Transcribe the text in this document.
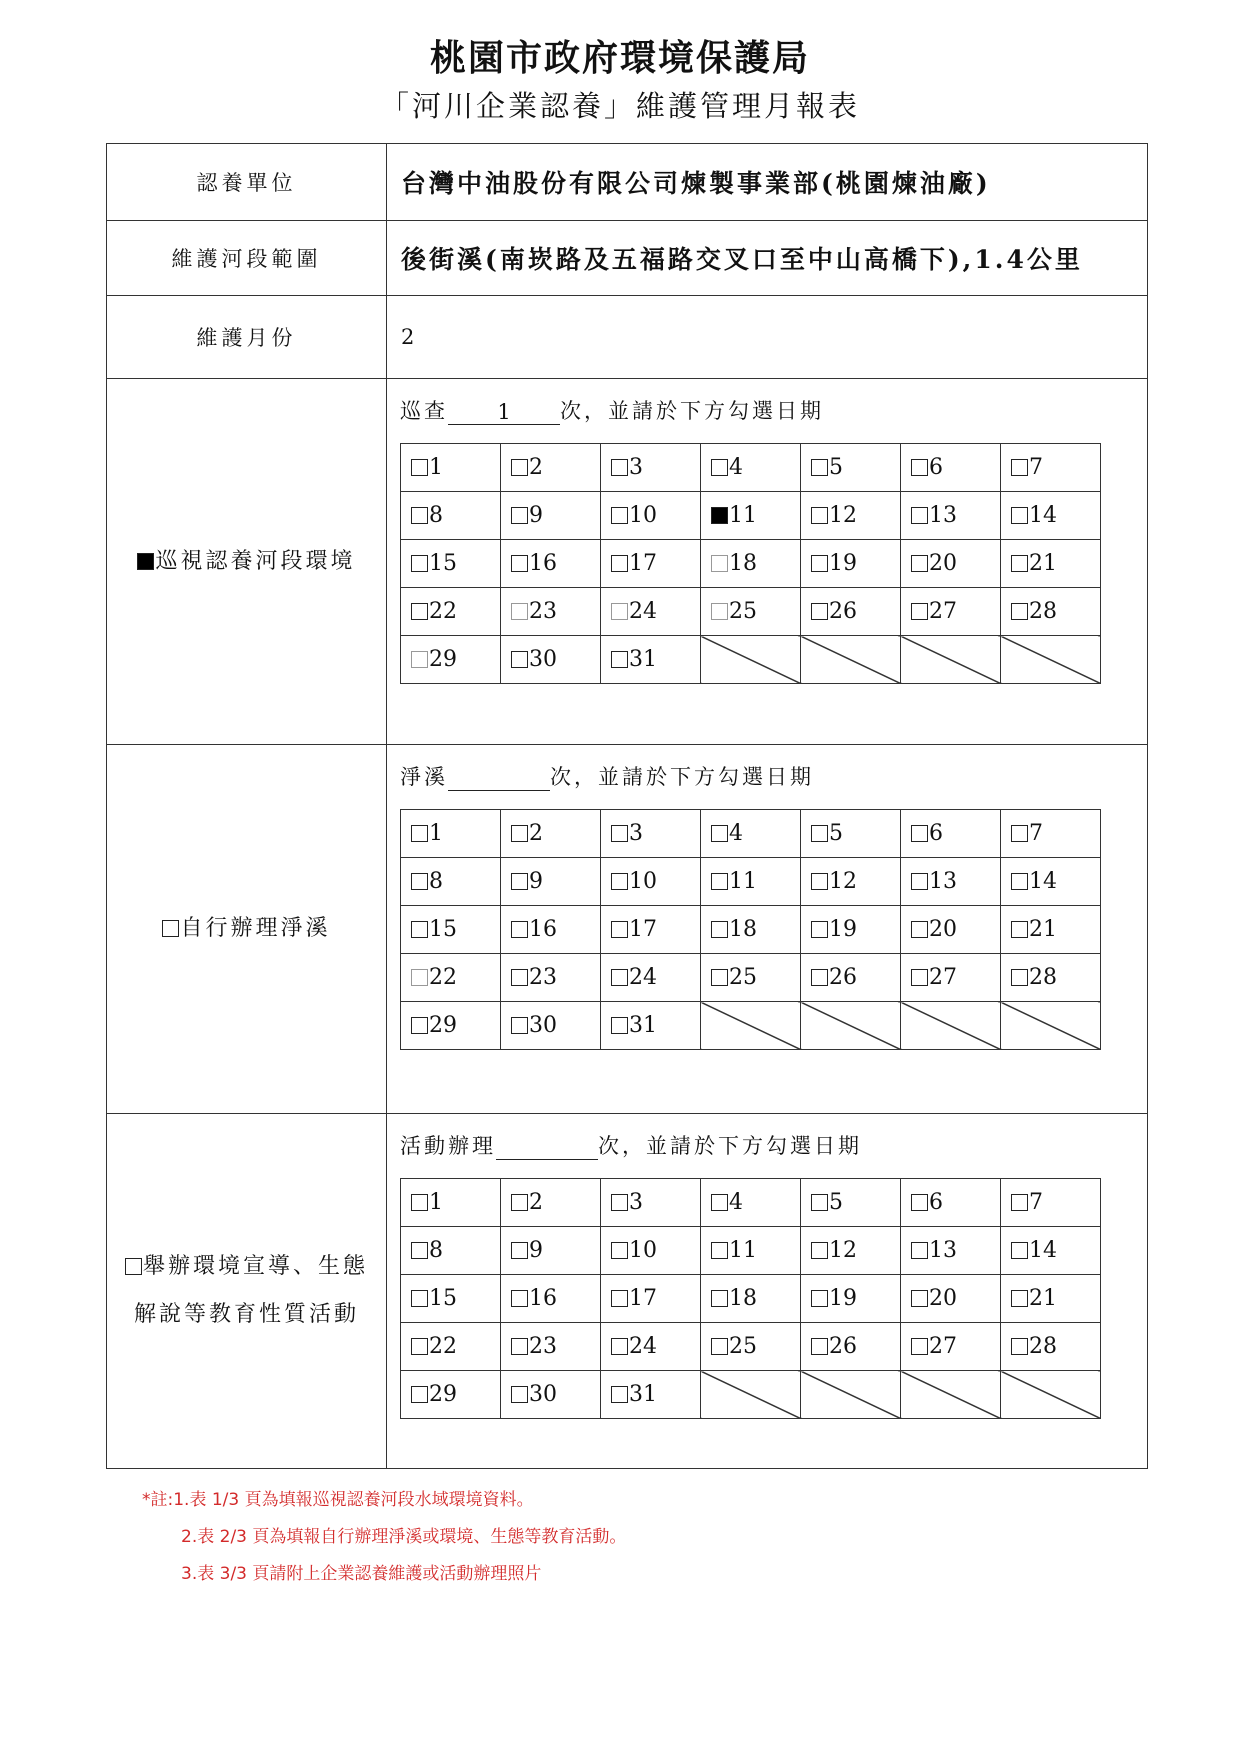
桃園市政府環境保護局
「河川企業認養」維護管理月報表
認養單位	台灣中油股份有限公司煉製事業部(桃園煉油廠)
維護河段範圍	後街溪(南崁路及五福路交叉口至中山高橋下),1.4公里
維護月份	2
巡視認養河段環境	
巡查 1 次，並請於下方勾選日期
1	2	3	4	5	6	7
8	9	10	11	12	13	14
15	16	17	18	19	20	21
22	23	24	25	26	27	28
29	30	31				

自行辦理淨溪	
淨溪	次，並請於下方勾選日期
1	2	3	4	5	6	7
8	9	10	11	12	13	14
15	16	17	18	19	20	21
22	23	24	25	26	27	28
29	30	31				

舉辦環境宣導、生態
解說等教育性質活動

活動辦理	次，並請於下方勾選日期
1	2	3	4	5	6	7
8	9	10	11	12	13	14
15	16	17	18	19	20	21
22	23	24	25	26	27	28
29	30	31				
*註:1.表 1/3 頁為填報巡視認養河段水域環境資料。
2.表 2/3 頁為填報自行辦理淨溪或環境、生態等教育活動。
3.表 3/3 頁請附上企業認養維護或活動辦理照片
